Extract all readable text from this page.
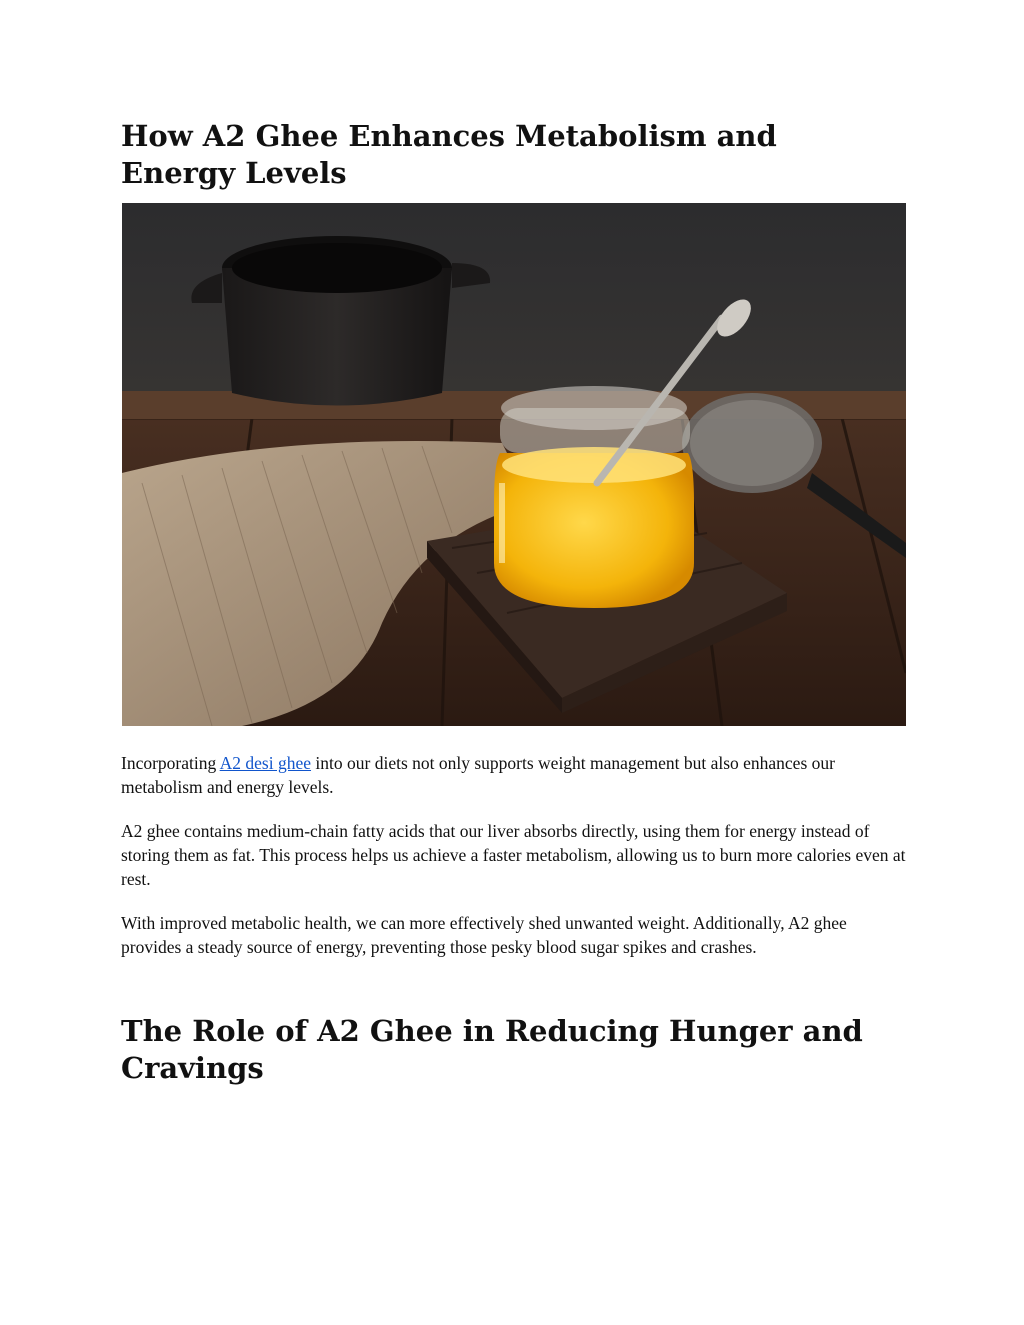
How A2 Ghee Enhances Metabolism and Energy Levels

Incorporating A2 desi ghee into our diets not only supports weight management but also enhances our metabolism and energy levels.

A2 ghee contains medium-chain fatty acids that our liver absorbs directly, using them for energy instead of storing them as fat. This process helps us achieve a faster metabolism, allowing us to burn more calories even at rest.

With improved metabolic health, we can more effectively shed unwanted weight. Additionally, A2 ghee provides a steady source of energy, preventing those pesky blood sugar spikes and crashes.

The Role of A2 Ghee in Reducing Hunger and Cravings
